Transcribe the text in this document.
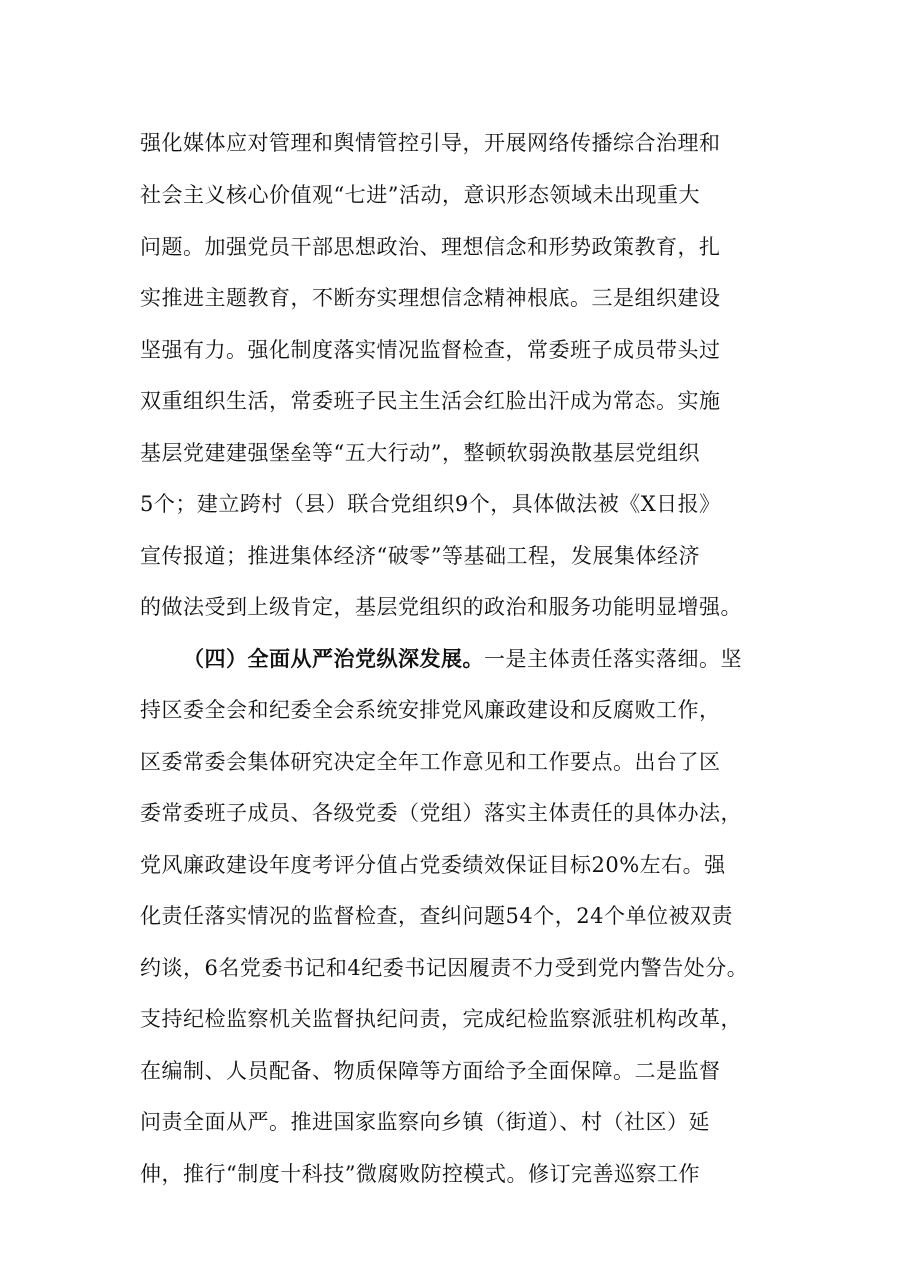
强化媒体应对管理和舆情管控引导，开展网络传播综合治理和
社会主义核心价值观“七进”活动，意识形态领域未出现重大
问题。加强党员干部思想政治、理想信念和形势政策教育，扎
实推进主题教育，不断夯实理想信念精神根底。三是组织建设
坚强有力。强化制度落实情况监督检查，常委班子成员带头过
双重组织生活，常委班子民主生活会红脸出汗成为常态。实施
基层党建建强堡垒等“五大行动”，整顿软弱涣散基层党组织
5个；建立跨村（县）联合党组织9个，具体做法被《X日报》
宣传报道；推进集体经济“破零”等基础工程，发展集体经济
的做法受到上级肯定，基层党组织的政治和服务功能明显增强。
（四）全面从严治党纵深发展。一是主体责任落实落细。坚
持区委全会和纪委全会系统安排党风廉政建设和反腐败工作，
区委常委会集体研究决定全年工作意见和工作要点。出台了区
委常委班子成员、各级党委（党组）落实主体责任的具体办法，
党风廉政建设年度考评分值占党委绩效保证目标20%左右。强
化责任落实情况的监督检查，查纠问题54个，24个单位被双责
约谈，6名党委书记和4纪委书记因履责不力受到党内警告处分。
支持纪检监察机关监督执纪问责，完成纪检监察派驻机构改革，
在编制、人员配备、物质保障等方面给予全面保障。二是监督
问责全面从严。推进国家监察向乡镇（街道）、村（社区）延
伸，推行“制度十科技”微腐败防控模式。修订完善巡察工作
